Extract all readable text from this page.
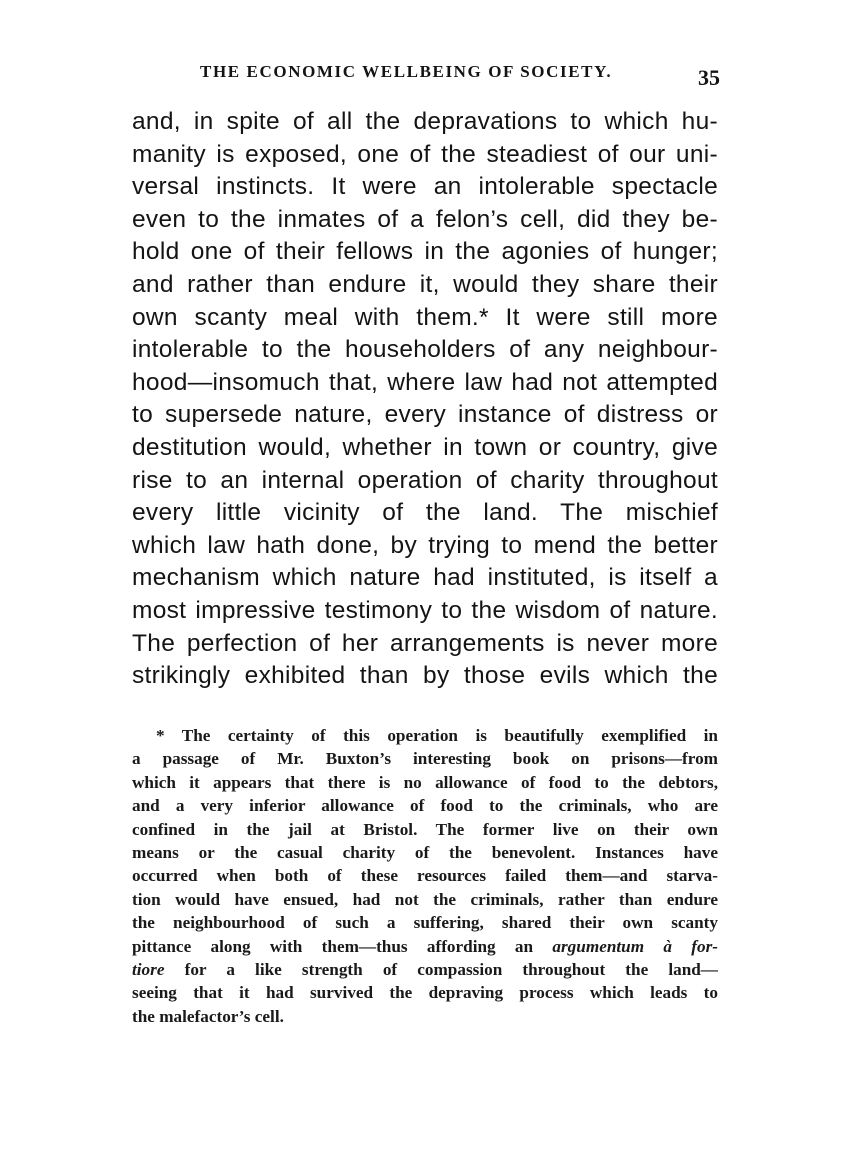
THE ECONOMIC WELLBEING OF SOCIETY.	35
and, in spite of all the depravations to which hu-
manity is exposed, one of the steadiest of our uni-
versal instincts. It were an intolerable spectacle
even to the inmates of a felon’s cell, did they be-
hold one of their fellows in the agonies of hunger;
and rather than endure it, would they share their
own scanty meal with them.* It were still more
intolerable to the householders of any neighbour-
hood—insomuch that, where law had not attempted
to supersede nature, every instance of distress or
destitution would, whether in town or country, give
rise to an internal operation of charity throughout
every little vicinity of the land. The mischief
which law hath done, by trying to mend the better
mechanism which nature had instituted, is itself a
most impressive testimony to the wisdom of nature.
The perfection of her arrangements is never more
strikingly exhibited than by those evils which the
* The certainty of this operation is beautifully exemplified in
a passage of Mr. Buxton’s interesting book on prisons—from
which it appears that there is no allowance of food to the debtors,
and a very inferior allowance of food to the criminals, who are
confined in the jail at Bristol. The former live on their own
means or the casual charity of the benevolent. Instances have
occurred when both of these resources failed them—and starva-
tion would have ensued, had not the criminals, rather than endure
the neighbourhood of such a suffering, shared their own scanty
pittance along with them—thus affording an argumentum à for-
tiore for a like strength of compassion throughout the land—
seeing that it had survived the depraving process which leads to
the malefactor’s cell.
